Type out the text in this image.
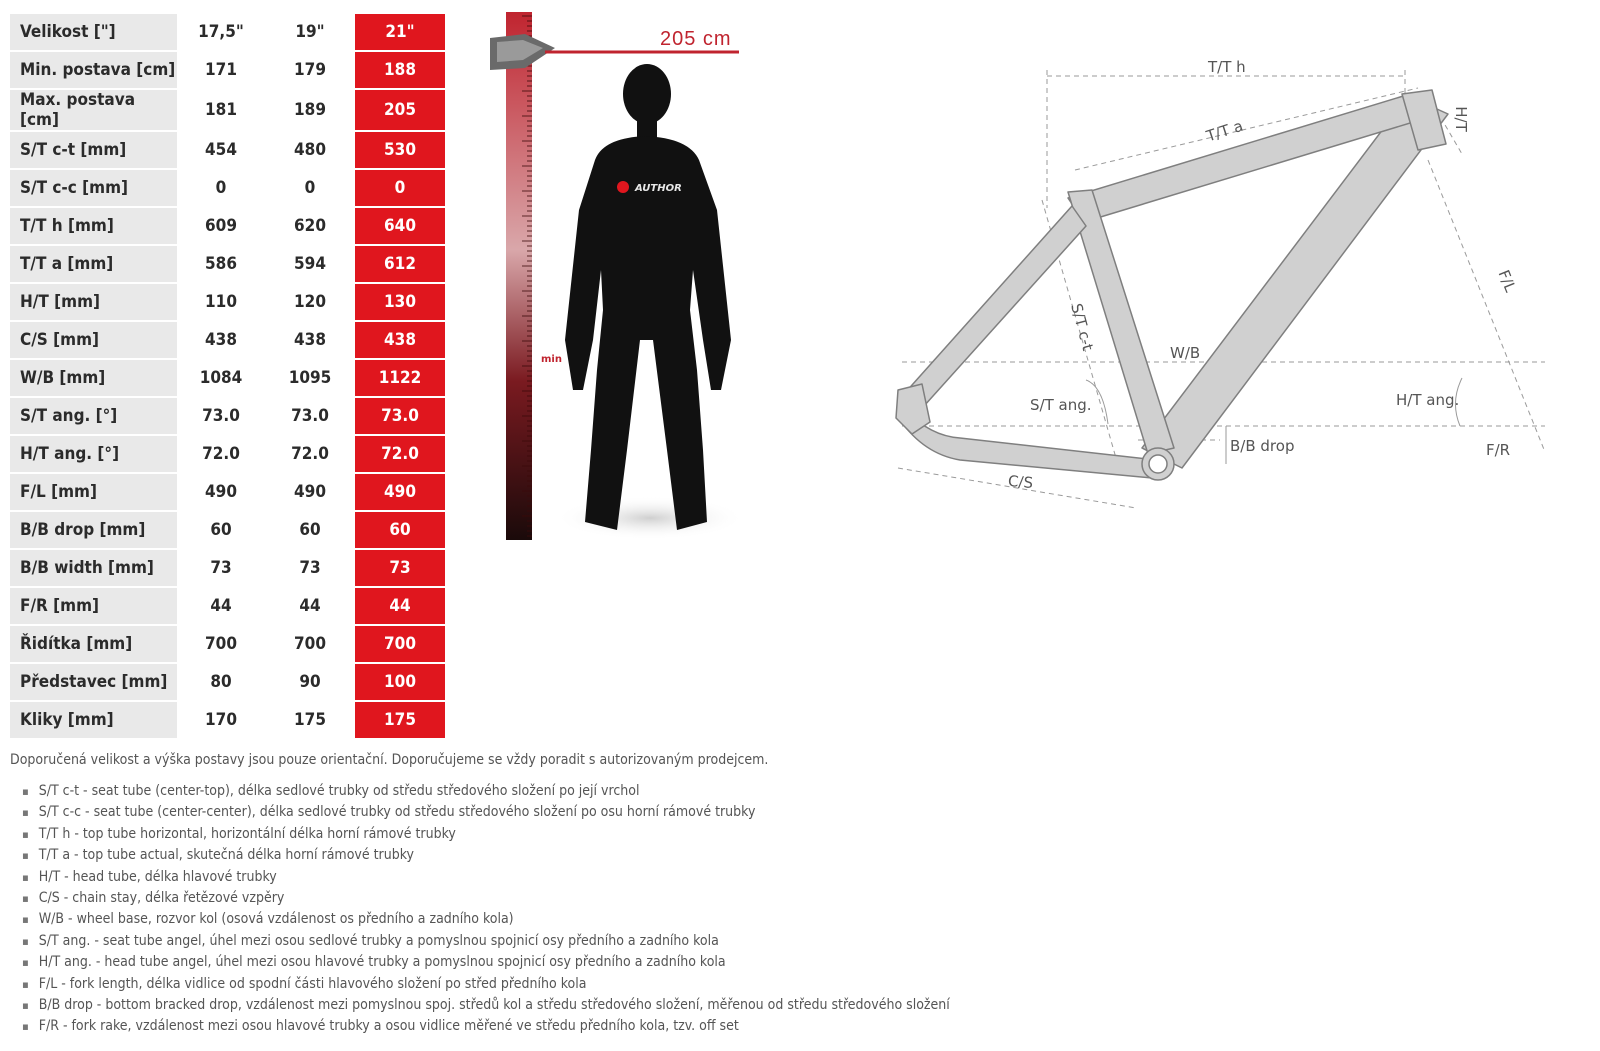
Velikost ["]	17,5"	19"	21"
Min. postava [cm]	171	179	188
Max. postava [cm]	181	189	205
S/T c-t [mm]	454	480	530
S/T c-c [mm]	0	0	0
T/T h [mm]	609	620	640
T/T a [mm]	586	594	612
H/T [mm]	110	120	130
C/S [mm]	438	438	438
W/B [mm]	1084	1095	1122
S/T ang. [°]	73.0	73.0	73.0
H/T ang. [°]	72.0	72.0	72.0
F/L [mm]	490	490	490
B/B drop [mm]	60	60	60
B/B width [mm]	73	73	73
F/R [mm]	44	44	44
Řidítka [mm]	700	700	700
Představec [mm]	80	90	100
Kliky [mm]	170	175	175
AUTHOR
205 cm
min
T/T h
T/T a	H/T
F/L
S/T c-t
W/B
S/T ang.	H/T ang.
B/B drop	F/R
C/S
Doporučená velikost a výška postavy jsou pouze orientační. Doporučujeme se vždy poradit s autorizovaným prodejcem.
▪ S/T c-t - seat tube (center-top), délka sedlové trubky od středu středového složení po její vrchol
▪ S/T c-c - seat tube (center-center), délka sedlové trubky od středu středového složení po osu horní rámové trubky
▪ T/T h - top tube horizontal, horizontální délka horní rámové trubky
▪ T/T a - top tube actual, skutečná délka horní rámové trubky
▪ H/T - head tube, délka hlavové trubky
▪ C/S - chain stay, délka řetězové vzpěry
▪ W/B - wheel base, rozvor kol (osová vzdálenost os předního a zadního kola)
▪ S/T ang. - seat tube angel, úhel mezi osou sedlové trubky a pomyslnou spojnicí osy předního a zadního kola
▪ H/T ang. - head tube angel, úhel mezi osou hlavové trubky a pomyslnou spojnicí osy předního a zadního kola
▪ F/L - fork length, délka vidlice od spodní části hlavového složení po střed předního kola
▪ B/B drop - bottom bracked drop, vzdálenost mezi pomyslnou spoj. středů kol a středu středového složení, měřenou od středu středového složení
▪ F/R - fork rake, vzdálenost mezi osou hlavové trubky a osou vidlice měřené ve středu předního kola, tzv. off set
